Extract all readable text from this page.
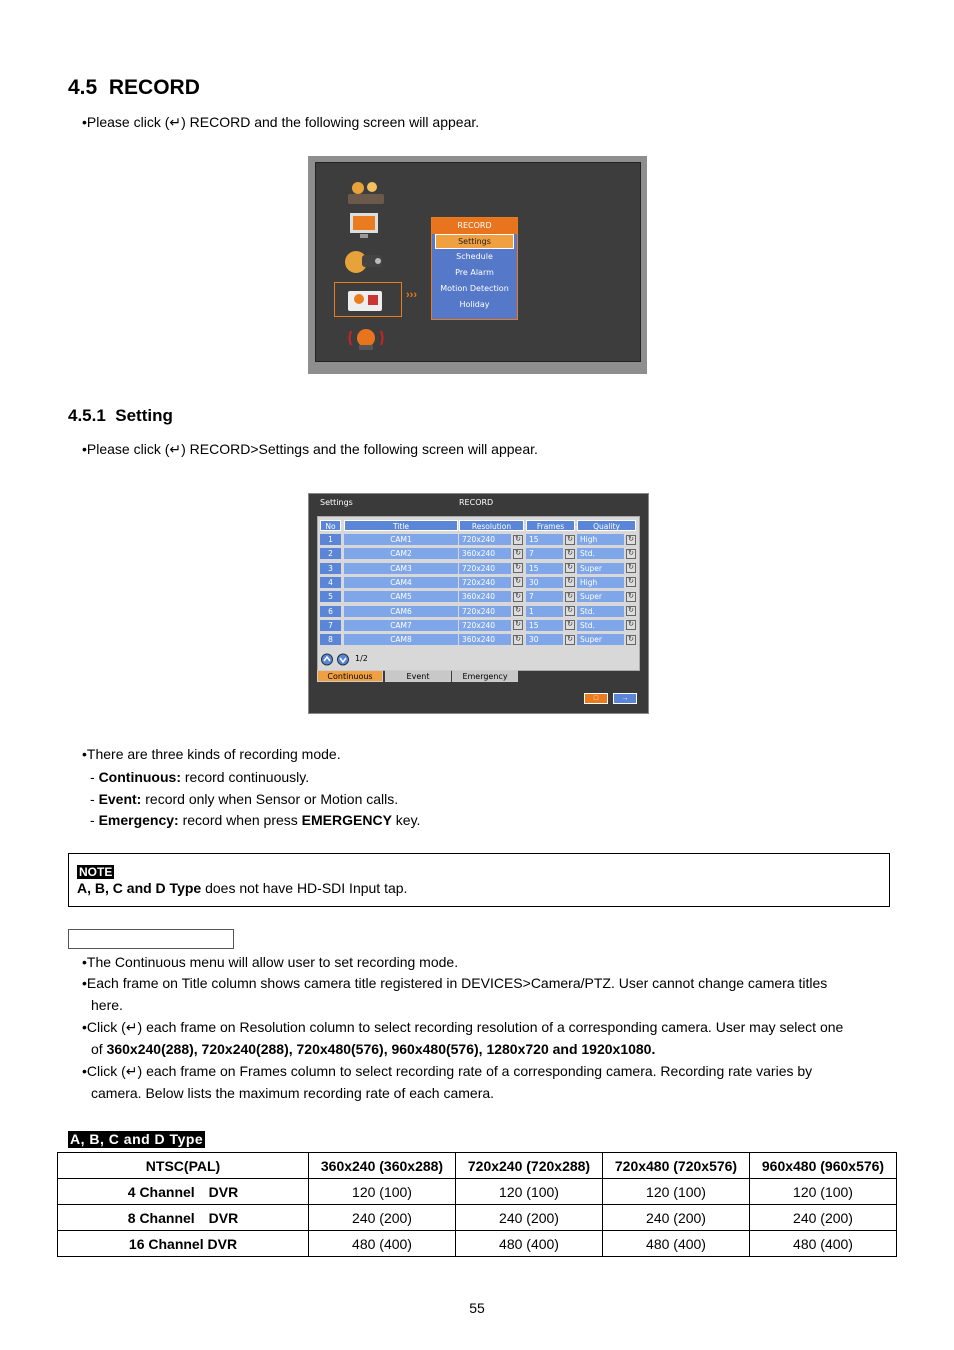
4.5 RECORD
• Please click (↵) RECORD and the following screen will appear.
›››
RECORD
Settings
Schedule
Pre Alarm
Motion Detection
Holiday
4.5.1 Setting
• Please click (↵) RECORD>Settings and the following screen will appear.
Settings	RECORD
No	Title	Resolution	Frames	Quality
1	CAM1	720x240	↻	15	↻ High	↻
2	CAM2	360x240	↻	7	↻ Std.	↻
3	CAM3	720x240	↻	15	↻ Super	↻
4	CAM4	720x240	↻	30	↻ High	↻
5	CAM5	360x240	↻	7	↻ Super	↻
6	CAM6	720x240	↻	1	↻ Std.	↻
7	CAM7	720x240	↻	15	↻ Std.	↻
8	CAM8	360x240	↻	30	↻ Super	↻
1/2
Continuous	Event	Emergency
□	→
• There are three kinds of recording mode.
- Continuous: record continuously.
- Event: record only when Sensor or Motion calls.
- Emergency: record when press EMERGENCY key.
NOTE
A, B, C and D Type does not have HD-SDI Input tap.
• The Continuous menu will allow user to set recording mode.
• Each frame on Title column shows camera title registered in DEVICES>Camera/PTZ. User cannot change camera titles
here.
• Click (↵) each frame on Resolution column to select recording resolution of a corresponding camera. User may select one
of 360x240(288), 720x240(288), 720x480(576), 960x480(576), 1280x720 and 1920x1080.
• Click (↵) each frame on Frames column to select recording rate of a corresponding camera. Recording rate varies by
camera. Below lists the maximum recording rate of each camera.
A, B, C and D Type
NTSC(PAL)	360x240 (360x288)	720x240 (720x288)	720x480 (720x576)	960x480 (960x576)
4 Channel　DVR	120 (100)	120 (100)	120 (100)	120 (100)
8 Channel　DVR	240 (200)	240 (200)	240 (200)	240 (200)
16 Channel DVR	480 (400)	480 (400)	480 (400)	480 (400)
55
